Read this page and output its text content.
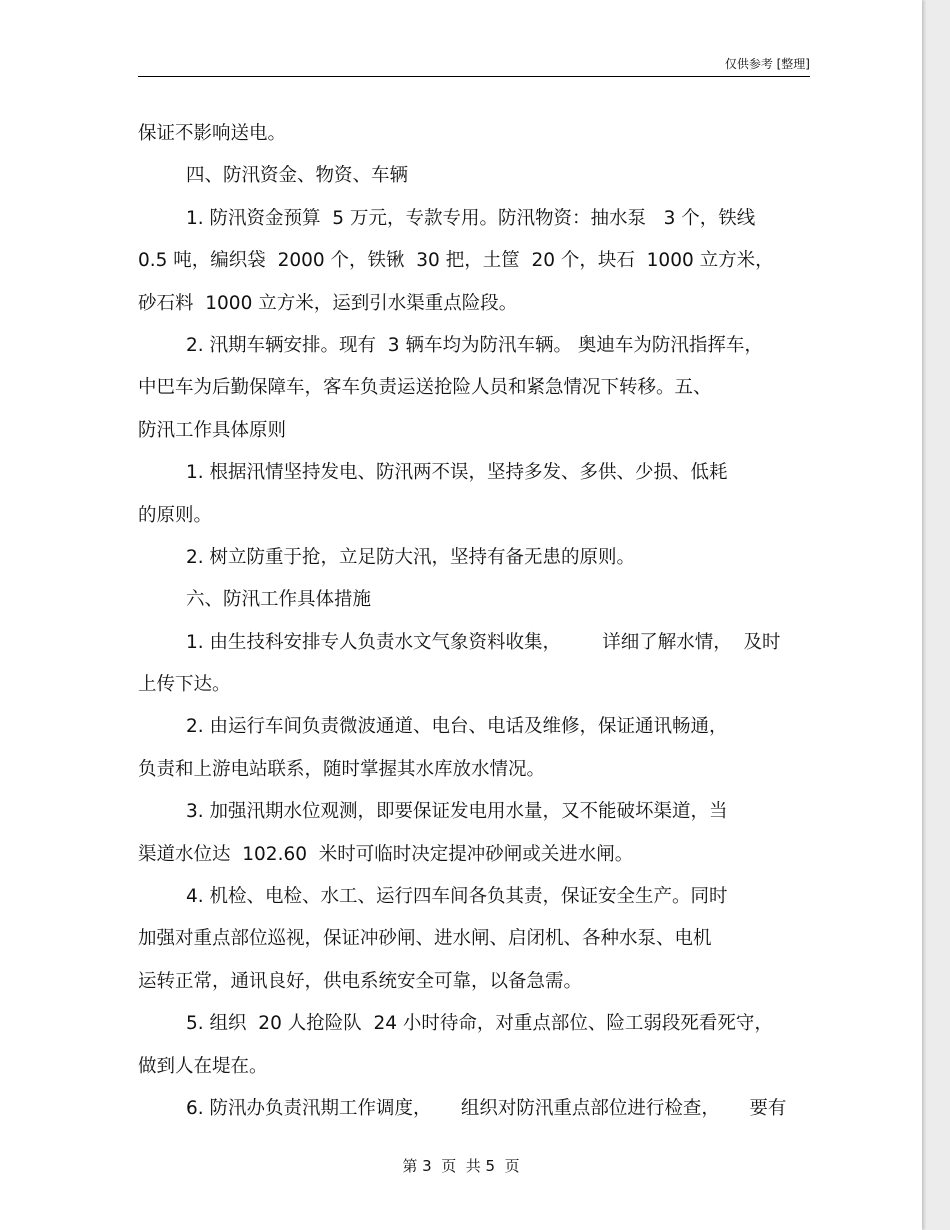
仅供参考 [整理]
保证不影响送电。
四、防汛资金、物资、车辆
1. 防汛资金预算  5 万元，专款专用。防汛物资：抽水泵   3 个，铁线
0.5 吨，编织袋  2000 个，铁锹  30 把，土筐  20 个，块石  1000 立方米，
砂石料  1000 立方米，运到引水渠重点险段。
2. 汛期车辆安排。现有  3 辆车均为防汛车辆。 奥迪车为防汛指挥车，
中巴车为后勤保障车，客车负责运送抢险人员和紧急情况下转移。五、
防汛工作具体原则
1. 根据汛情坚持发电、防汛两不误，坚持多发、多供、少损、低耗
的原则。
2. 树立防重于抢，立足防大汛，坚持有备无患的原则。
六、防汛工作具体措施
1. 由生技科安排专人负责水文气象资料收集，       详细了解水情，  及时
上传下达。
2. 由运行车间负责微波通道、电台、电话及维修，保证通讯畅通，
负责和上游电站联系，随时掌握其水库放水情况。
3. 加强汛期水位观测，即要保证发电用水量，又不能破坏渠道，当
渠道水位达  102.60  米时可临时决定提冲砂闸或关进水闸。
4. 机检、电检、水工、运行四车间各负其责，保证安全生产。同时
加强对重点部位巡视，保证冲砂闸、进水闸、启闭机、各种水泵、电机
运转正常，通讯良好，供电系统安全可靠，以备急需。
5. 组织  20 人抢险队  24 小时待命，对重点部位、险工弱段死看死守，
做到人在堤在。
6. 防汛办负责汛期工作调度，     组织对防汛重点部位进行检查，     要有
第 3  页  共 5  页
